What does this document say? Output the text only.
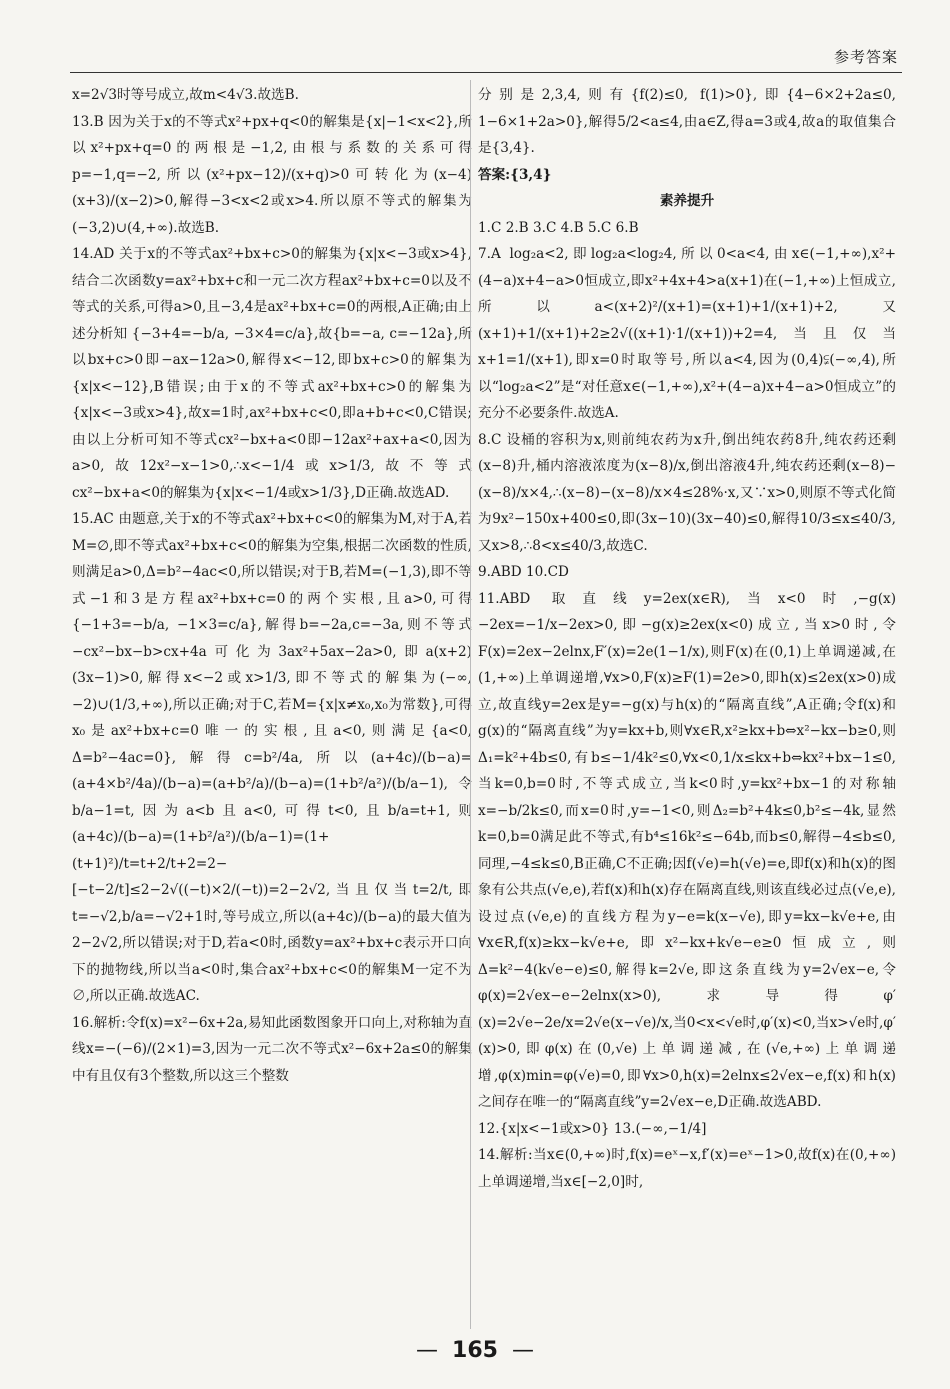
参考答案

x=2√3时等号成立,故m<4√3.故选B.

13.B 因为关于x的不等式x²+px+q<0的解集是{x|−1<x<2},所以x²+px+q=0的两根是−1,2,由根与系数的关系可得p=−1,q=−2,所以(x²+px−12)/(x+q)>0可转化为(x−4)(x+3)/(x−2)>0,解得−3<x<2或x>4.所以原不等式的解集为(−3,2)∪(4,+∞).故选B.

14.AD 关于x的不等式ax²+bx+c>0的解集为{x|x<−3或x>4},结合二次函数y=ax²+bx+c和一元二次方程ax²+bx+c=0以及不等式的关系,可得a>0,且−3,4是ax²+bx+c=0的两根,A正确;由上述分析知 {−3+4=−b/a, −3×4=c/a},故{b=−a, c=−12a},所以bx+c>0即−ax−12a>0,解得x<−12,即bx+c>0的解集为{x|x<−12},B错误;由于x的不等式ax²+bx+c>0的解集为{x|x<−3或x>4},故x=1时,ax²+bx+c<0,即a+b+c<0,C错误;由以上分析可知不等式cx²−bx+a<0即−12ax²+ax+a<0,因为a>0,故12x²−x−1>0,∴x<−1/4或x>1/3,故不等式cx²−bx+a<0的解集为{x|x<−1/4或x>1/3},D正确.故选AD.

15.AC 由题意,关于x的不等式ax²+bx+c<0的解集为M,对于A,若M=∅,即不等式ax²+bx+c<0的解集为空集,根据二次函数的性质,则满足a>0,Δ=b²−4ac<0,所以错误;对于B,若M=(−1,3),即不等式−1和3是方程ax²+bx+c=0的两个实根,且a>0,可得{−1+3=−b/a, −1×3=c/a},解得b=−2a,c=−3a,则不等式−cx²−bx−b>cx+4a可化为3ax²+5ax−2a>0,即a(x+2)(3x−1)>0,解得x<−2或x>1/3,即不等式的解集为(−∞,−2)∪(1/3,+∞),所以正确;对于C,若M={x|x≠x₀,x₀为常数},可得x₀是ax²+bx+c=0唯一的实根,且a<0,则满足{a<0, Δ=b²−4ac=0},解得c=b²/4a,所以(a+4c)/(b−a)=(a+4×b²/4a)/(b−a)=(a+b²/a)/(b−a)=(1+b²/a²)/(b/a−1),令b/a−1=t,因为a<b且a<0,可得t<0,且b/a=t+1,则(a+4c)/(b−a)=(1+b²/a²)/(b/a−1)=(1+(t+1)²)/t=t+2/t+2=2−[−t−2/t]≤2−2√((−t)×2/(−t))=2−2√2,当且仅当t=2/t,即t=−√2,b/a=−√2+1时,等号成立,所以(a+4c)/(b−a)的最大值为2−2√2,所以错误;对于D,若a<0时,函数y=ax²+bx+c表示开口向下的抛物线,所以当a<0时,集合ax²+bx+c<0的解集M一定不为∅,所以正确.故选AC.

16.解析:令f(x)=x²−6x+2a,易知此函数图象开口向上,对称轴为直线x=−(−6)/(2×1)=3,因为一元二次不等式x²−6x+2a≤0的解集中有且仅有3个整数,所以这三个整数

分别是2,3,4,则有{f(2)≤0, f(1)>0},即{4−6×2+2a≤0, 1−6×1+2a>0},解得5/2<a≤4,由a∈Z,得a=3或4,故a的取值集合是{3,4}.

答案:{3,4}

素养提升

1.C 2.B 3.C 4.B 5.C 6.B

7.A log₂a<2,即log₂a<log₂4,所以0<a<4,由x∈(−1,+∞),x²+(4−a)x+4−a>0恒成立,即x²+4x+4>a(x+1)在(−1,+∞)上恒成立,所以a<(x+2)²/(x+1)=(x+1)+1/(x+1)+2,又(x+1)+1/(x+1)+2≥2√((x+1)·1/(x+1))+2=4,当且仅当x+1=1/(x+1),即x=0时取等号,所以a<4,因为(0,4)⫋(−∞,4),所以“log₂a<2”是“对任意x∈(−1,+∞),x²+(4−a)x+4−a>0恒成立”的充分不必要条件.故选A.

8.C 设桶的容积为x,则前纯农药为x升,倒出纯农药8升,纯农药还剩(x−8)升,桶内溶液浓度为(x−8)/x,倒出溶液4升,纯农药还剩(x−8)−(x−8)/x×4,∴(x−8)−(x−8)/x×4≤28%·x,又∵x>0,则原不等式化简为9x²−150x+400≤0,即(3x−10)(3x−40)≤0,解得10/3≤x≤40/3,又x>8,∴8<x≤40/3,故选C.

9.ABD 10.CD

11.ABD 取直线y=2ex(x∈R),当x<0时,−g(x)−2ex=−1/x−2ex>0,即−g(x)≥2ex(x<0)成立,当x>0时,令F(x)=2ex−2elnx,F′(x)=2e(1−1/x),则F(x)在(0,1)上单调递减,在(1,+∞)上单调递增,∀x>0,F(x)≥F(1)=2e>0,即h(x)≤2ex(x>0)成立,故直线y=2ex是y=−g(x)与h(x)的“隔离直线”,A正确;令f(x)和g(x)的“隔离直线”为y=kx+b,则∀x∈R,x²≥kx+b⇔x²−kx−b≥0,则Δ₁=k²+4b≤0,有b≤−1/4k²≤0,∀x<0,1/x≤kx+b⇔kx²+bx−1≤0,当k=0,b=0时,不等式成立,当k<0时,y=kx²+bx−1的对称轴x=−b/2k≤0,而x=0时,y=−1<0,则Δ₂=b²+4k≤0,b²≤−4k,显然k=0,b=0满足此不等式,有b⁴≤16k²≤−64b,而b≤0,解得−4≤b≤0,同理,−4≤k≤0,B正确,C不正确;因f(√e)=h(√e)=e,即f(x)和h(x)的图象有公共点(√e,e),若f(x)和h(x)存在隔离直线,则该直线必过点(√e,e),设过点(√e,e)的直线方程为y−e=k(x−√e),即y=kx−k√e+e,由∀x∈R,f(x)≥kx−k√e+e,即x²−kx+k√e−e≥0恒成立,则Δ=k²−4(k√e−e)≤0,解得k=2√e,即这条直线为y=2√ex−e,令φ(x)=2√ex−e−2elnx(x>0),求导得φ′(x)=2√e−2e/x=2√e(x−√e)/x,当0<x<√e时,φ′(x)<0,当x>√e时,φ′(x)>0,即φ(x)在(0,√e)上单调递减,在(√e,+∞)上单调递增,φ(x)min=φ(√e)=0,即∀x>0,h(x)=2elnx≤2√ex−e,f(x)和h(x)之间存在唯一的“隔离直线”y=2√ex−e,D正确.故选ABD.

12.{x|x<−1或x>0} 13.(−∞,−1/4]

14.解析:当x∈(0,+∞)时,f(x)=eˣ−x,f′(x)=eˣ−1>0,故f(x)在(0,+∞)上单调递增,当x∈[−2,0]时,

— 165 —
